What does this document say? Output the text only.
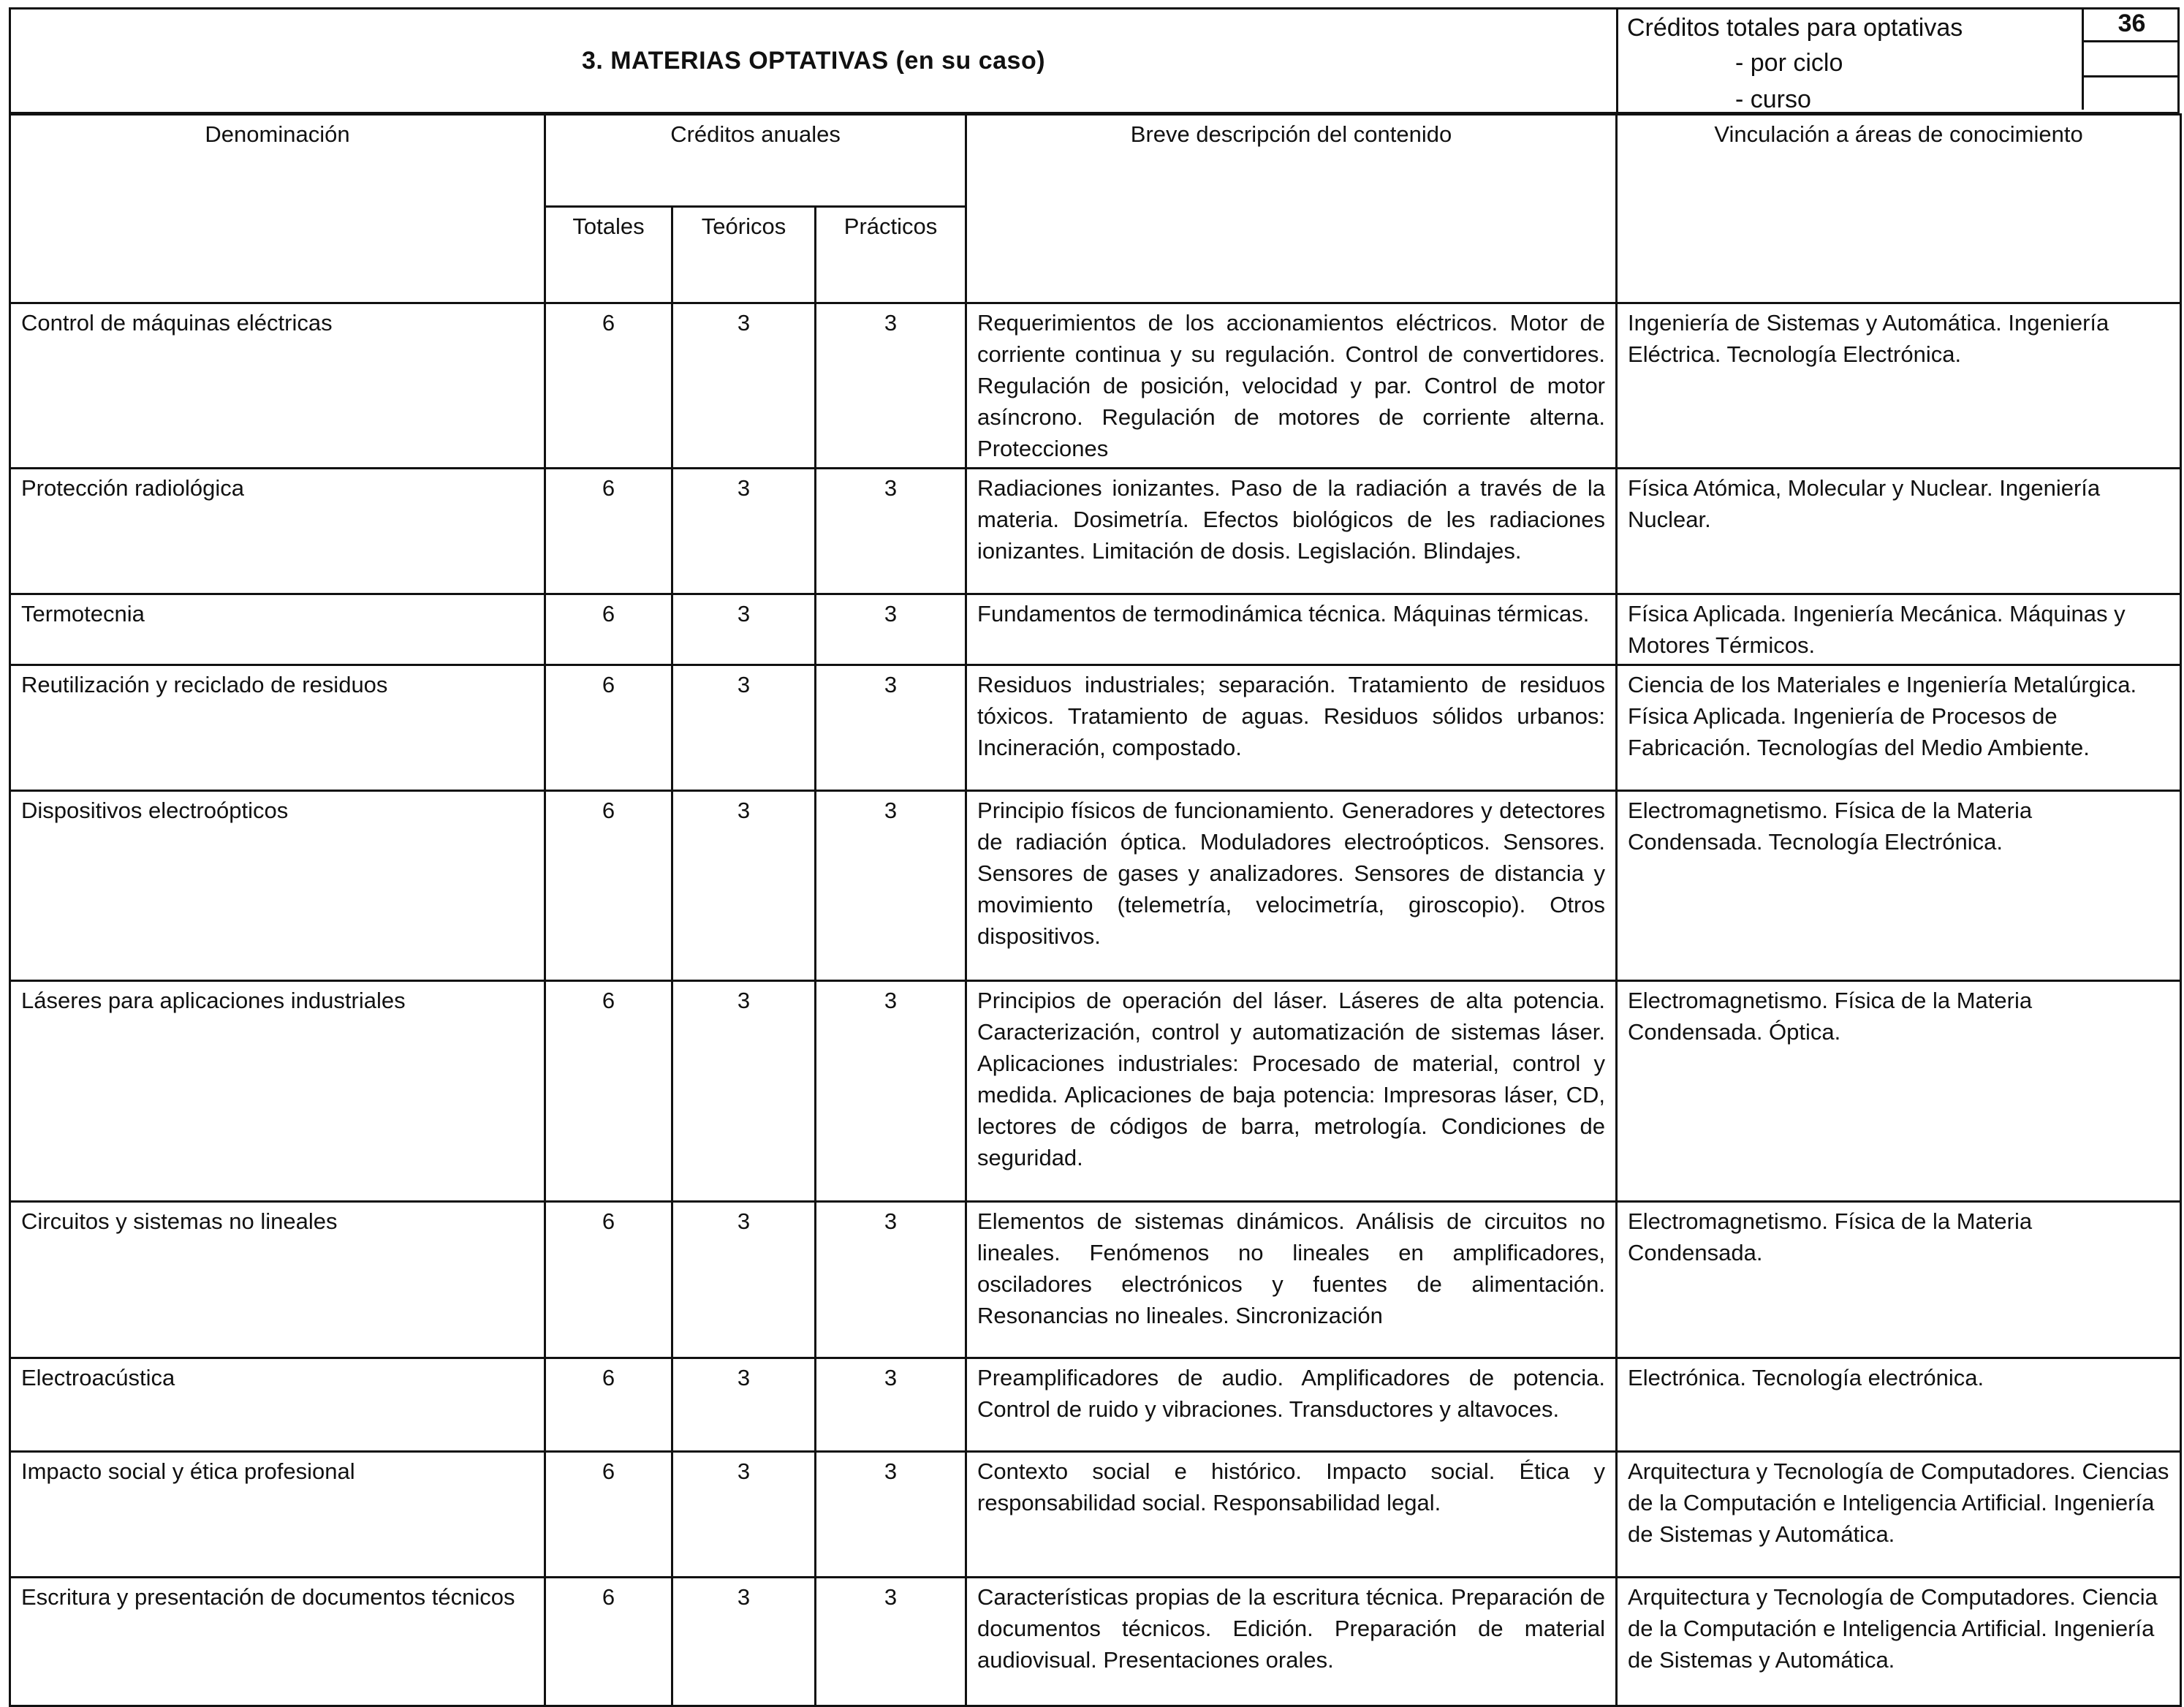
3. MATERIAS OPTATIVAS (en su caso)
Créditos totales para optativas
- por ciclo
- curso
36
Denominación	Créditos anuales			Breve descripción del contenido	Vinculación a áreas de conocimiento
	Totales	Teóricos	Prácticos		
Control de máquinas eléctricas	6	3	3	Requerimientos de los accionamientos eléctricos. Motor de corriente continua y su regulación. Control de convertidores. Regulación de posición, velocidad y par. Control de motor asíncrono. Regulación de motores de corriente alterna. Protecciones	Ingeniería de Sistemas y Automática. Ingeniería Eléctrica. Tecnología Electrónica.
Protección radiológica	6	3	3	Radiaciones ionizantes. Paso de la radiación a través de la materia. Dosimetría. Efectos biológicos de les radiaciones ionizantes. Limitación de dosis. Legislación. Blindajes.	Física Atómica, Molecular y Nuclear. Ingeniería Nuclear.
Termotecnia	6	3	3	Fundamentos de termodinámica técnica. Máquinas térmicas.	Física Aplicada. Ingeniería Mecánica. Máquinas y Motores Térmicos.
Reutilización y reciclado de residuos	6	3	3	Residuos industriales; separación. Tratamiento de residuos tóxicos. Tratamiento de aguas. Residuos sólidos urbanos: Incineración, compostado.	Ciencia de los Materiales e Ingeniería Metalúrgica. Física Aplicada. Ingeniería de Procesos de Fabricación. Tecnologías del Medio Ambiente.
Dispositivos electroópticos	6	3	3	Principio físicos de funcionamiento. Generadores y detectores de radiación óptica. Moduladores electroópticos. Sensores. Sensores de gases y analizadores. Sensores de distancia y movimiento (telemetría, velocimetría, giroscopio). Otros dispositivos.	Electromagnetismo. Física de la Materia Condensada. Tecnología Electrónica.
Láseres para aplicaciones industriales	6	3	3	Principios de operación del láser. Láseres de alta potencia. Caracterización, control y automatización de sistemas láser. Aplicaciones industriales: Procesado de material, control y medida. Aplicaciones de baja potencia: Impresoras láser, CD, lectores de códigos de barra, metrología. Condiciones de seguridad.	Electromagnetismo. Física de la Materia Condensada. Óptica.
Circuitos y sistemas no lineales	6	3	3	Elementos de sistemas dinámicos. Análisis de circuitos no lineales. Fenómenos no lineales en amplificadores, osciladores electrónicos y fuentes de alimentación. Resonancias no lineales. Sincronización	Electromagnetismo. Física de la Materia Condensada.
Electroacústica	6	3	3	Preamplificadores de audio. Amplificadores de potencia. Control de ruido y vibraciones. Transductores y altavoces.	Electrónica. Tecnología electrónica.
Impacto social y ética profesional	6	3	3	Contexto social e histórico. Impacto social. Ética y responsabilidad social. Responsabilidad legal.	Arquitectura y Tecnología de Computadores. Ciencias de la Computación e Inteligencia Artificial. Ingeniería de Sistemas y Automática.
Escritura y presentación de documentos técnicos	6	3	3	Características propias de la escritura técnica. Preparación de documentos técnicos. Edición. Preparación de material audiovisual. Presentaciones orales.	Arquitectura y Tecnología de Computadores. Ciencia de la Computación e Inteligencia Artificial. Ingeniería de Sistemas y Automática.
